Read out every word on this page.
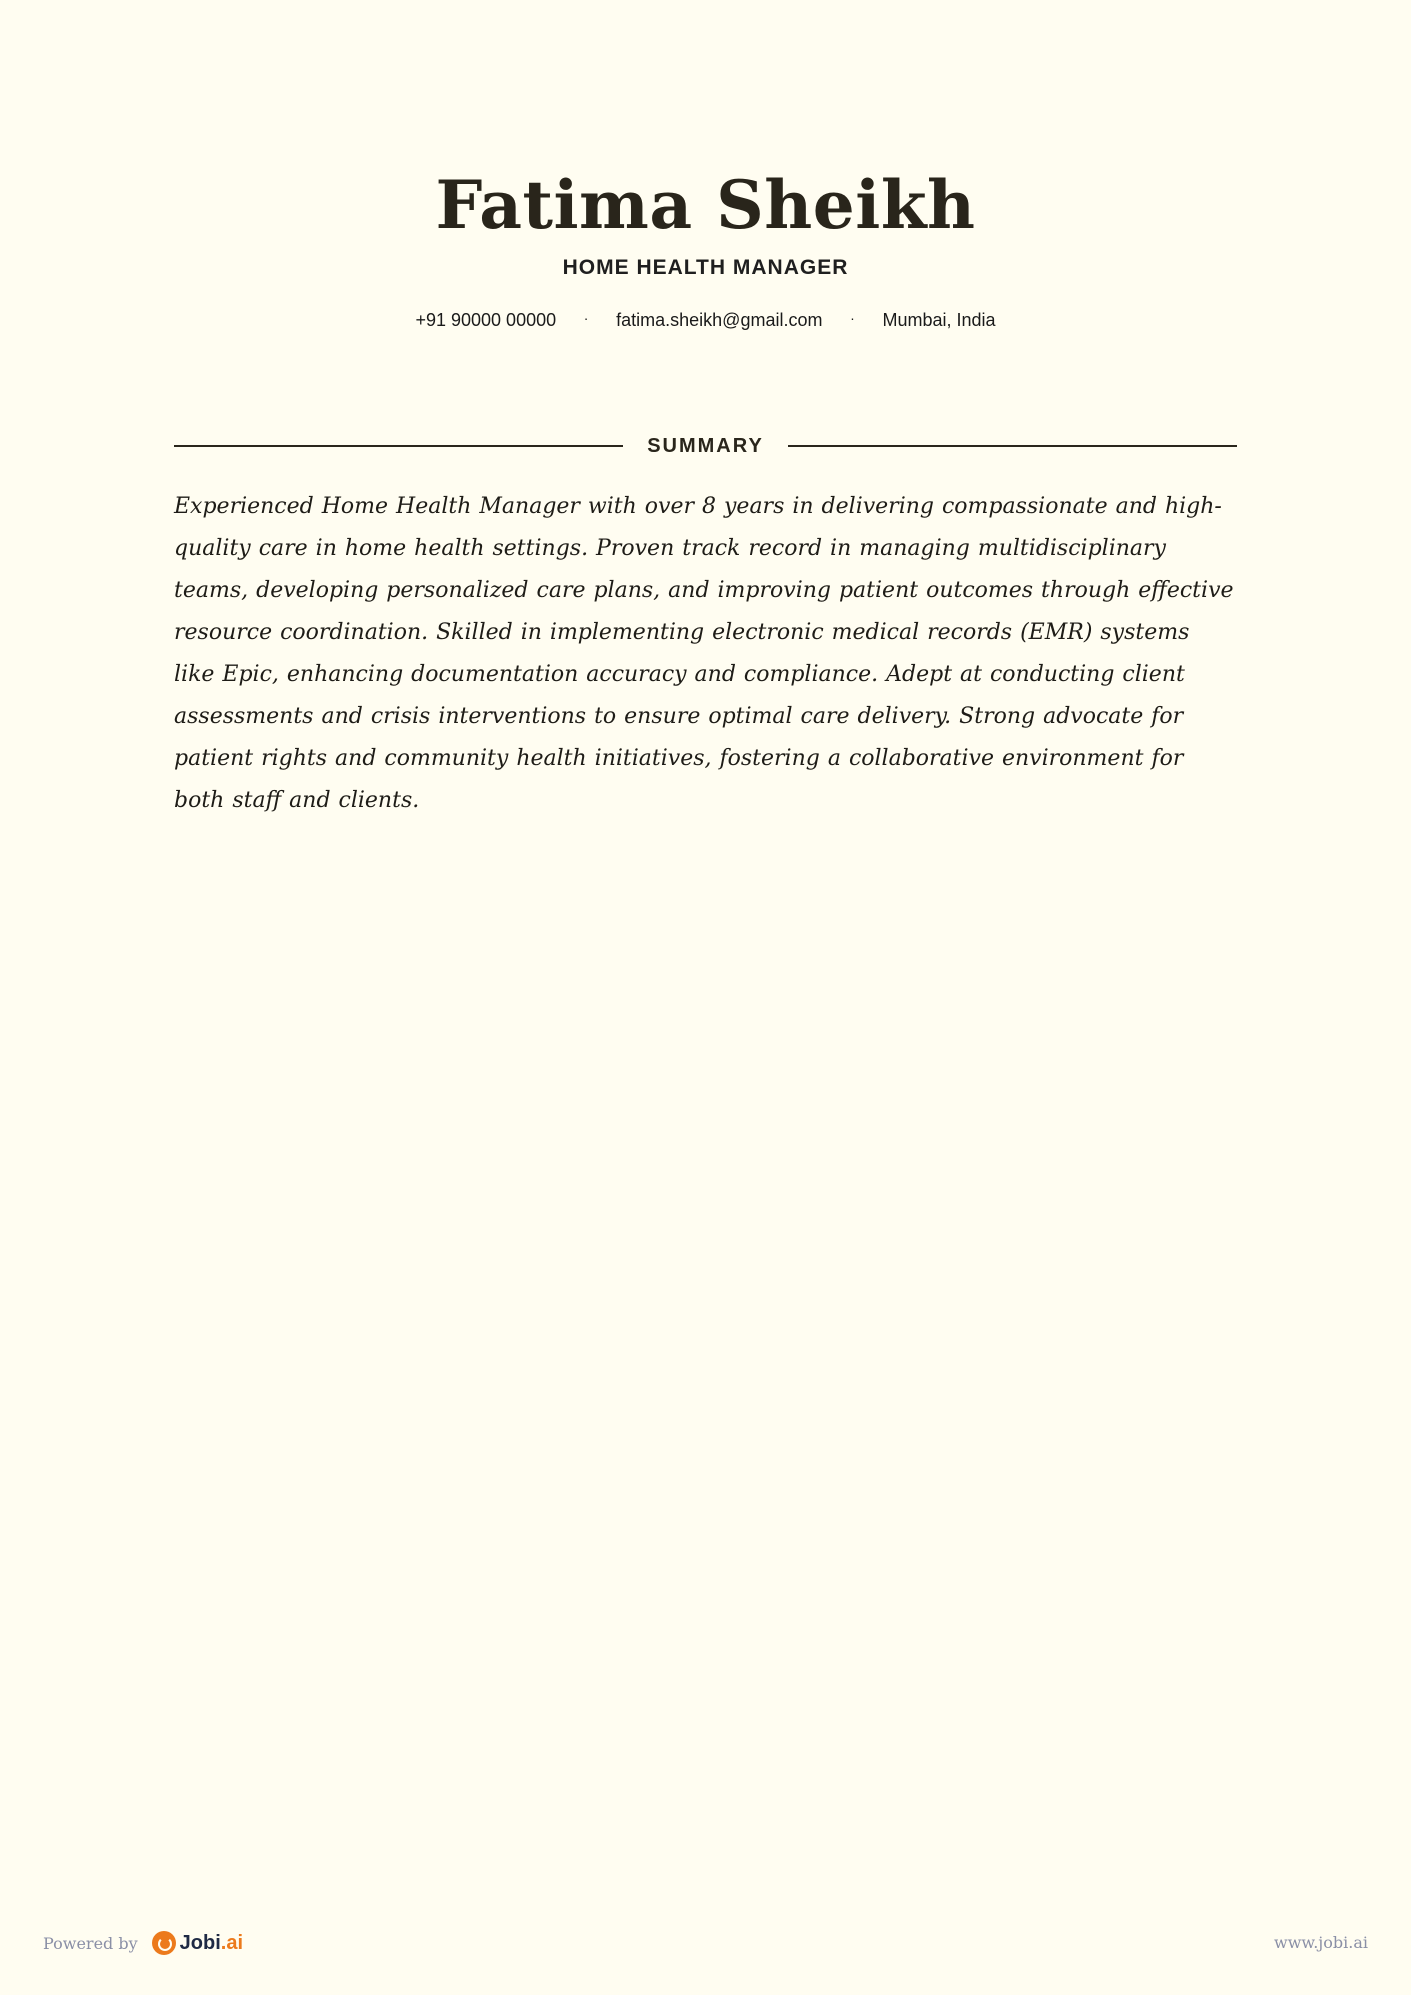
Fatima Sheikh
HOME HEALTH MANAGER
+91 90000 00000	·	fatima.sheikh@gmail.com	·	Mumbai, India
SUMMARY
Experienced Home Health Manager with over 8 years in delivering compassionate and high-quality care in home health settings. Proven track record in managing multidisciplinary teams, developing personalized care plans, and improving patient outcomes through effective resource coordination. Skilled in implementing electronic medical records (EMR) systems like Epic, enhancing documentation accuracy and compliance. Adept at conducting client assessments and crisis interventions to ensure optimal care delivery. Strong advocate for patient rights and community health initiatives, fostering a collaborative environment for both staff and clients.
Powered by Jobi.ai	www.jobi.ai
